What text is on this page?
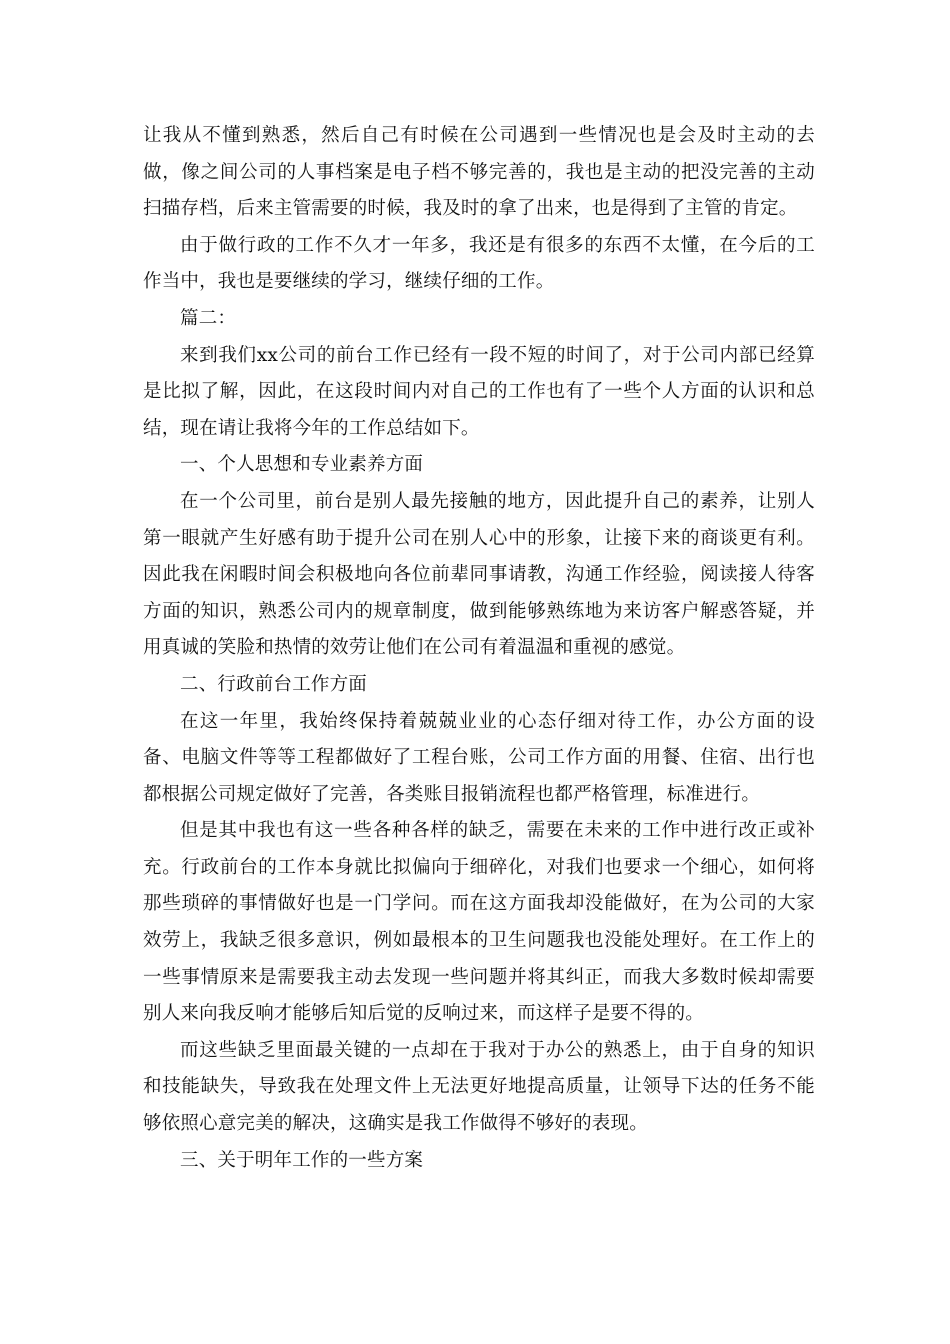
让我从不懂到熟悉，然后自己有时候在公司遇到一些情况也是会及时主动的去做，像之间公司的人事档案是电子档不够完善的，我也是主动的把没完善的主动扫描存档，后来主管需要的时候，我及时的拿了出来，也是得到了主管的肯定。

由于做行政的工作不久才一年多，我还是有很多的东西不太懂，在今后的工作当中，我也是要继续的学习，继续仔细的工作。

篇二：

来到我们xx公司的前台工作已经有一段不短的时间了，对于公司内部已经算是比拟了解，因此，在这段时间内对自己的工作也有了一些个人方面的认识和总结，现在请让我将今年的工作总结如下。

一、个人思想和专业素养方面

在一个公司里，前台是别人最先接触的地方，因此提升自己的素养，让别人第一眼就产生好感有助于提升公司在别人心中的形象，让接下来的商谈更有利。因此我在闲暇时间会积极地向各位前辈同事请教，沟通工作经验，阅读接人待客方面的知识，熟悉公司内的规章制度，做到能够熟练地为来访客户解惑答疑，并用真诚的笑脸和热情的效劳让他们在公司有着温温和重视的感觉。

二、行政前台工作方面

在这一年里，我始终保持着兢兢业业的心态仔细对待工作，办公方面的设备、电脑文件等等工程都做好了工程台账，公司工作方面的用餐、住宿、出行也都根据公司规定做好了完善，各类账目报销流程也都严格管理，标准进行。

但是其中我也有这一些各种各样的缺乏，需要在未来的工作中进行改正或补充。行政前台的工作本身就比拟偏向于细碎化，对我们也要求一个细心，如何将那些琐碎的事情做好也是一门学问。而在这方面我却没能做好，在为公司的大家效劳上，我缺乏很多意识，例如最根本的卫生问题我也没能处理好。在工作上的一些事情原来是需要我主动去发现一些问题并将其纠正，而我大多数时候却需要别人来向我反响才能够后知后觉的反响过来，而这样子是要不得的。

而这些缺乏里面最关键的一点却在于我对于办公的熟悉上，由于自身的知识和技能缺失，导致我在处理文件上无法更好地提高质量，让领导下达的任务不能够依照心意完美的解决，这确实是我工作做得不够好的表现。

三、关于明年工作的一些方案
